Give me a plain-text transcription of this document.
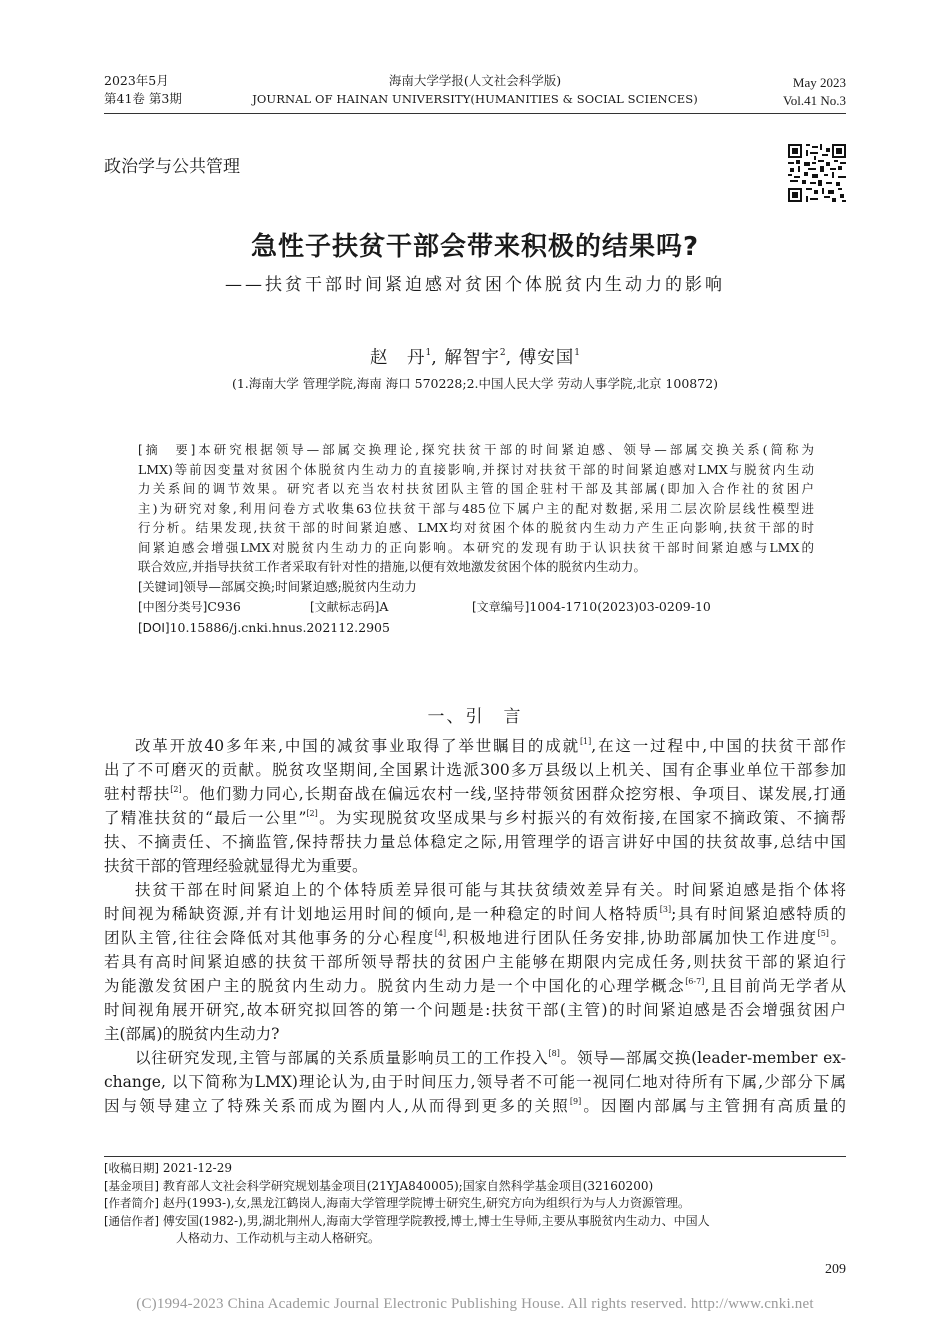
2023年5月
第41卷 第3期
海南大学学报(人文社会科学版)
JOURNAL OF HAINAN UNIVERSITY(HUMANITIES & SOCIAL SCIENCES)
May 2023
Vol.41 No.3
政治学与公共管理
急性子扶贫干部会带来积极的结果吗?
——扶贫干部时间紧迫感对贫困个体脱贫内生动力的影响
赵　丹$^1$, 解智宇$^2$, 傅安国$^1$
(1.海南大学 管理学院,海南 海口 570228;2.中国人民大学 劳动人事学院,北京 100872)
[摘　要]本研究根据领导—部属交换理论,探究扶贫干部的时间紧迫感、领导—部属交换关系(简称为
LMX)等前因变量对贫困个体脱贫内生动力的直接影响,并探讨对扶贫干部的时间紧迫感对LMX与脱贫内生动
力关系间的调节效果。研究者以充当农村扶贫团队主管的国企驻村干部及其部属(即加入合作社的贫困户
主)为研究对象,利用问卷方式收集63位扶贫干部与485位下属户主的配对数据,采用二层次阶层线性模型进
行分析。结果发现,扶贫干部的时间紧迫感、LMX均对贫困个体的脱贫内生动力产生正向影响,扶贫干部的时
间紧迫感会增强LMX对脱贫内生动力的正向影响。本研究的发现有助于认识扶贫干部时间紧迫感与LMX的
联合效应,并指导扶贫工作者采取有针对性的措施,以便有效地激发贫困个体的脱贫内生动力。
[关键词]领导—部属交换;时间紧迫感;脱贫内生动力
[中图分类号]C936	[文献标志码]A	[文章编号]1004-1710(2023)03-0209-10
[DOI]10.15886/j.cnki.hnus.202112.2905
一、引　言
改革开放40多年来,中国的减贫事业取得了举世瞩目的成就[1],在这一过程中,中国的扶贫干部作
出了不可磨灭的贡献。脱贫攻坚期间,全国累计选派300多万县级以上机关、国有企事业单位干部参加
驻村帮扶[2]。他们勠力同心,长期奋战在偏远农村一线,坚持带领贫困群众挖穷根、争项目、谋发展,打通
了精准扶贫的“最后一公里”[2]。为实现脱贫攻坚成果与乡村振兴的有效衔接,在国家不摘政策、不摘帮
扶、不摘责任、不摘监管,保持帮扶力量总体稳定之际,用管理学的语言讲好中国的扶贫故事,总结中国
扶贫干部的管理经验就显得尤为重要。
扶贫干部在时间紧迫上的个体特质差异很可能与其扶贫绩效差异有关。时间紧迫感是指个体将
时间视为稀缺资源,并有计划地运用时间的倾向,是一种稳定的时间人格特质[3];具有时间紧迫感特质的
团队主管,往往会降低对其他事务的分心程度[4],积极地进行团队任务安排,协助部属加快工作进度[5]。
若具有高时间紧迫感的扶贫干部所领导帮扶的贫困户主能够在期限内完成任务,则扶贫干部的紧迫行
为能激发贫困户主的脱贫内生动力。脱贫内生动力是一个中国化的心理学概念[6-7],且目前尚无学者从
时间视角展开研究,故本研究拟回答的第一个问题是:扶贫干部(主管)的时间紧迫感是否会增强贫困户
主(部属)的脱贫内生动力?
以往研究发现,主管与部属的关系质量影响员工的工作投入[8]。领导—部属交换(leader-member ex-
change, 以下简称为LMX)理论认为,由于时间压力,领导者不可能一视同仁地对待所有下属,少部分下属
因与领导建立了特殊关系而成为圈内人,从而得到更多的关照[9]。因圈内部属与主管拥有高质量的
[收稿日期] 2021-12-29
[基金项目] 教育部人文社会科学研究规划基金项目(21YJA840005);国家自然科学基金项目(32160200)
[作者简介] 赵丹(1993-),女,黑龙江鹤岗人,海南大学管理学院博士研究生,研究方向为组织行为与人力资源管理。
[通信作者] 傅安国(1982-),男,湖北荆州人,海南大学管理学院教授,博士,博士生导师,主要从事脱贫内生动力、中国人
人格动力、工作动机与主动人格研究。
209
(C)1994-2023 China Academic Journal Electronic Publishing House. All rights reserved. http://www.cnki.net
